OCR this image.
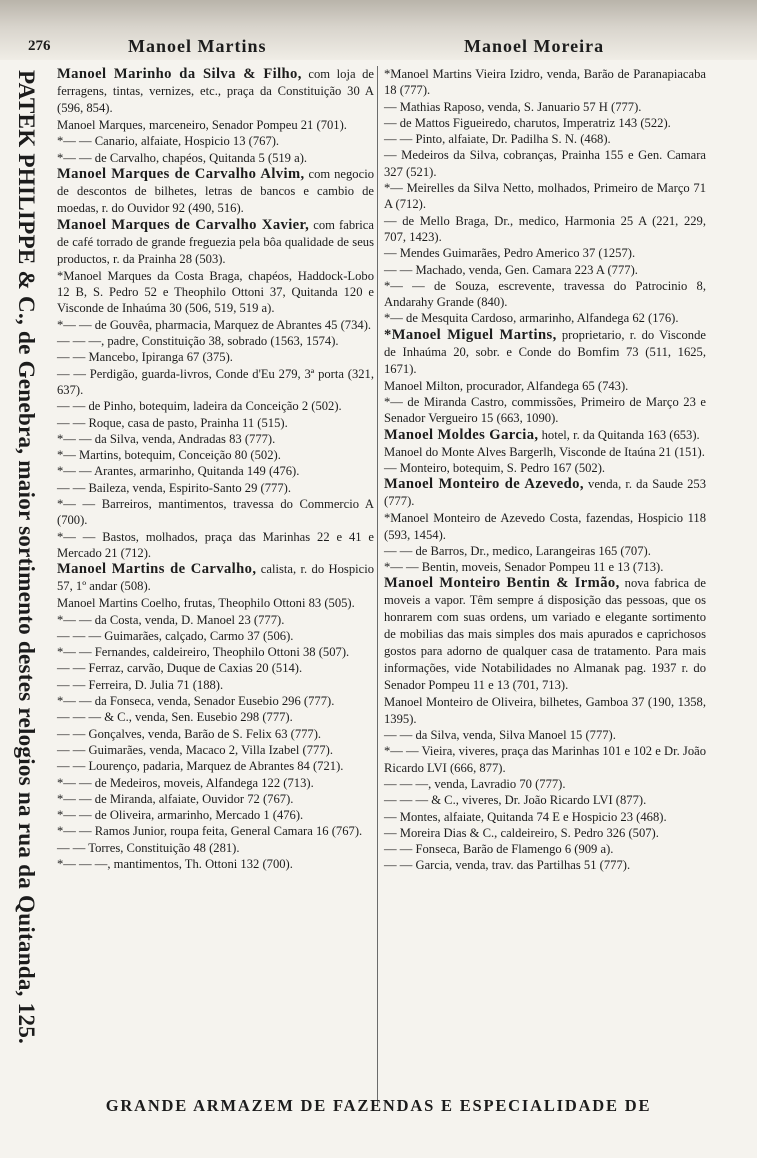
276	Manoel Martins	Manoel Moreira
PATEK PHILIPPE & C., de Genebra, maior sortimento destes relogios na rua da Quitanda, 125. Manoel Marinho da Silva & Filho, com loja de ferragens, tintas, vernizes, etc., praça da Constituição 30 A (596, 854).
Manoel Marques, marceneiro, Senador Pompeu 21 (701).
*— — Canario, alfaiate, Hospicio 13 (767).
*— — de Carvalho, chapéos, Quitanda 5 (519 a).
Manoel Marques de Carvalho Alvim, com negocio de descontos de bilhetes, letras de bancos e cambio de moedas, r. do Ouvidor 92 (490, 516).
Manoel Marques de Carvalho Xavier, com fabrica de café torrado de grande freguezia pela bôa qualidade de seus productos, r. da Prainha 28 (503).
*Manoel Marques da Costa Braga, chapéos, Haddock-Lobo 12 B, S. Pedro 52 e Theophilo Ottoni 37, Quitanda 120 e Visconde de Inhaúma 30 (506, 519, 519 a).
*— — de Gouvêa, pharmacia, Marquez de Abrantes 45 (734).
— — —, padre, Constituição 38, sobrado (1563, 1574).
— — Mancebo, Ipiranga 67 (375).
— — Perdigão, guarda-livros, Conde d'Eu 279, 3ª porta (321, 637).
— — de Pinho, botequim, ladeira da Conceição 2 (502).
— — Roque, casa de pasto, Prainha 11 (515).
*— — da Silva, venda, Andradas 83 (777).
*— Martins, botequim, Conceição 80 (502).
*— — Arantes, armarinho, Quitanda 149 (476).
— — Baileza, venda, Espirito-Santo 29 (777).
*— — Barreiros, mantimentos, travessa do Commercio A (700).
*— — Bastos, molhados, praça das Marinhas 22 e 41 e Mercado 21 (712).
Manoel Martins de Carvalho, calista, r. do Hospicio 57, 1º andar (508).
Manoel Martins Coelho, frutas, Theophilo Ottoni 83 (505).
*— — da Costa, venda, D. Manoel 23 (777).
— — — Guimarães, calçado, Carmo 37 (506).
*— — Fernandes, caldeireiro, Theophilo Ottoni 38 (507).
— — Ferraz, carvão, Duque de Caxias 20 (514).
— — Ferreira, D. Julia 71 (188).
*— — da Fonseca, venda, Senador Eusebio 296 (777).
— — — & C., venda, Sen. Eusebio 298 (777).
— — Gonçalves, venda, Barão de S. Felix 63 (777).
— — Guimarães, venda, Macaco 2, Villa Izabel (777).
— — Lourenço, padaria, Marquez de Abrantes 84 (721).
*— — de Medeiros, moveis, Alfandega 122 (713).
*— — de Miranda, alfaiate, Ouvidor 72 (767).
*— — de Oliveira, armarinho, Mercado 1 (476).
*— — Ramos Junior, roupa feita, General Camara 16 (767).
— — Torres, Constituição 48 (281).
*— — —, mantimentos, Th. Ottoni 132 (700).
*Manoel Martins Vieira Izidro, venda, Barão de Paranapiacaba 18 (777).
— Mathias Raposo, venda, S. Januario 57 H (777).
— de Mattos Figueiredo, charutos, Imperatriz 143 (522).
— — Pinto, alfaiate, Dr. Padilha S. N. (468).
— Medeiros da Silva, cobranças, Prainha 155 e Gen. Camara 327 (521).
*— Meirelles da Silva Netto, molhados, Primeiro de Março 71 A (712).
— de Mello Braga, Dr., medico, Harmonia 25 A (221, 229, 707, 1423).
— Mendes Guimarães, Pedro Americo 37 (1257).
— — Machado, venda, Gen. Camara 223 A (777).
*— — de Souza, escrevente, travessa do Patrocinio 8, Andarahy Grande (840).
*— de Mesquita Cardoso, armarinho, Alfandega 62 (176).
*Manoel Miguel Martins, proprietario, r. do Visconde de Inhaúma 20, sobr. e Conde do Bomfim 73 (511, 1625, 1671).
Manoel Milton, procurador, Alfandega 65 (743).
*— de Miranda Castro, commissões, Primeiro de Março 23 e Senador Vergueiro 15 (663, 1090).
Manoel Moldes Garcia, hotel, r. da Quitanda 163 (653).
Manoel do Monte Alves Bargerlh, Visconde de Itaúna 21 (151).
— Monteiro, botequim, S. Pedro 167 (502).
Manoel Monteiro de Azevedo, venda, r. da Saude 253 (777).
*Manoel Monteiro de Azevedo Costa, fazendas, Hospicio 118 (593, 1454).
— — de Barros, Dr., medico, Larangeiras 165 (707).
*— — Bentin, moveis, Senador Pompeu 11 e 13 (713).
Manoel Monteiro Bentin & Irmão, nova fabrica de moveis a vapor. Têm sempre á disposição das pessoas, que os honrarem com suas ordens, um variado e elegante sortimento de mobilias das mais simples dos mais apurados e caprichosos gostos para adorno de qualquer casa de tratamento. Para mais informações, vide Notabilidades no Almanak pag. 1937 r. do Senador Pompeu 11 e 13 (701, 713).
Manoel Monteiro de Oliveira, bilhetes, Gamboa 37 (190, 1358, 1395).
— — da Silva, venda, Silva Manoel 15 (777).
*— — Vieira, viveres, praça das Marinhas 101 e 102 e Dr. João Ricardo LVI (666, 877).
— — —, venda, Lavradio 70 (777).
— — — & C., viveres, Dr. João Ricardo LVI (877).
— Montes, alfaiate, Quitanda 74 E e Hospicio 23 (468).
— Moreira Dias & C., caldeireiro, S. Pedro 326 (507).
— — Fonseca, Barão de Flamengo 6 (909 a).
— — Garcia, venda, trav. das Partilhas 51 (777).
GRANDE ARMAZEM DE FAZENDAS E ESPECIALIDADE DE
